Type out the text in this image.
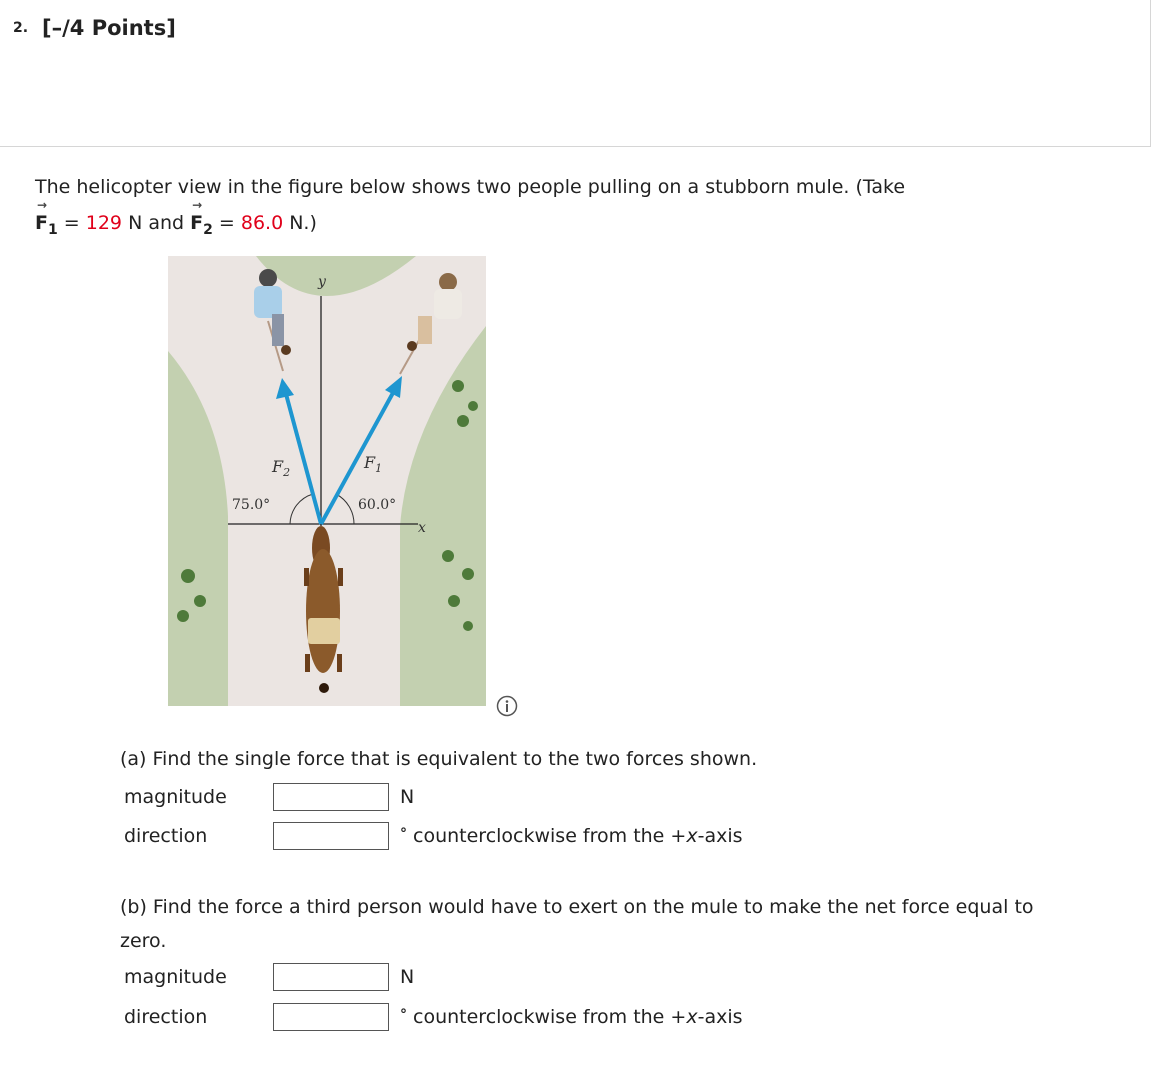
2. [–/4 Points]
The helicopter view in the figure below shows two people pulling on a stubborn mule. (Take
→
$F_1 = 129$ N and
→
$F_2 = 86.0$ N.)
y
x
$F_2$
$F_1$
75.0°	60.0°
(a) Find the single force that is equivalent to the two forces shown.
magnitude	N
direction	° counterclockwise from the +x-axis
(b) Find the force a third person would have to exert on the mule to make the net force equal to
zero.
magnitude	N
direction	° counterclockwise from the +x-axis
